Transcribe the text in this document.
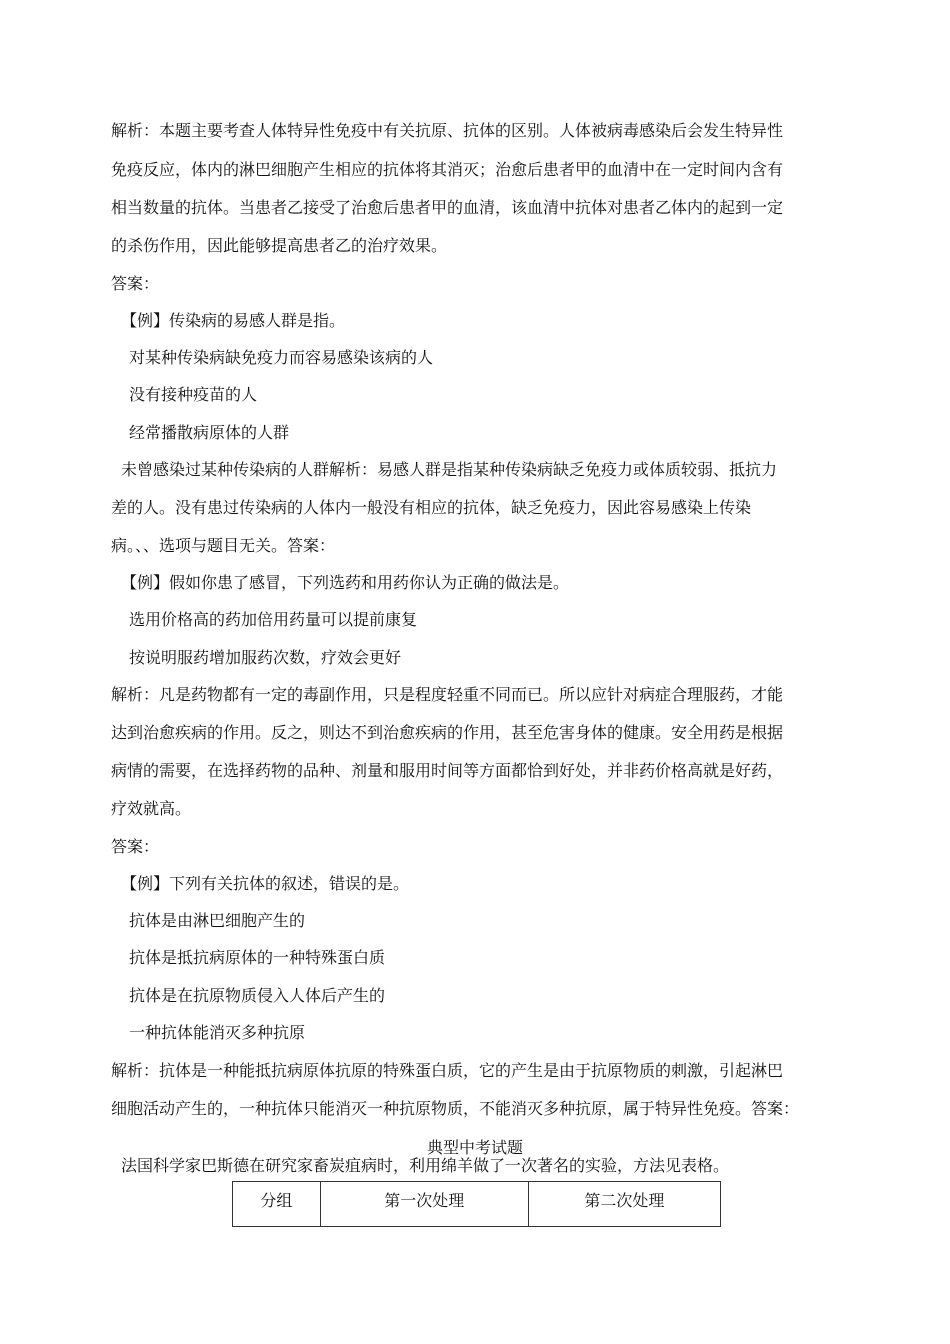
解析：本题主要考查人体特异性免疫中有关抗原、抗体的区别。人体被病毒感染后会发生特异性
免疫反应，体内的淋巴细胞产生相应的抗体将其消灭；治愈后患者甲的血清中在一定时间内含有
相当数量的抗体。当患者乙接受了治愈后患者甲的血清，该血清中抗体对患者乙体内的起到一定
的杀伤作用，因此能够提高患者乙的治疗效果。
答案：
【例】传染病的易感人群是指。
对某种传染病缺免疫力而容易感染该病的人
没有接种疫苗的人
经常播散病原体的人群
未曾感染过某种传染病的人群解析：易感人群是指某种传染病缺乏免疫力或体质较弱、抵抗力
差的人。没有患过传染病的人体内一般没有相应的抗体，缺乏免疫力，因此容易感染上传染
病。、、选项与题目无关。答案：
【例】假如你患了感冒，下列选药和用药你认为正确的做法是。
选用价格高的药加倍用药量可以提前康复
按说明服药增加服药次数，疗效会更好
解析：凡是药物都有一定的毒副作用，只是程度轻重不同而已。所以应针对病症合理服药，才能
达到治愈疾病的作用。反之，则达不到治愈疾病的作用，甚至危害身体的健康。安全用药是根据
病情的需要，在选择药物的品种、剂量和服用时间等方面都恰到好处，并非药价格高就是好药，
疗效就高。
答案：
【例】下列有关抗体的叙述，错误的是。
抗体是由淋巴细胞产生的
抗体是抵抗病原体的一种特殊蛋白质
抗体是在抗原物质侵入人体后产生的
一种抗体能消灭多种抗原
解析：抗体是一种能抵抗病原体抗原的特殊蛋白质，它的产生是由于抗原物质的刺激，引起淋巴
细胞活动产生的，一种抗体只能消灭一种抗原物质，不能消灭多种抗原，属于特异性免疫。答案：
典型中考试题
法国科学家巴斯德在研究家畜炭疽病时，利用绵羊做了一次著名的实验，方法见表格。
分组	第一次处理	第二次处理
